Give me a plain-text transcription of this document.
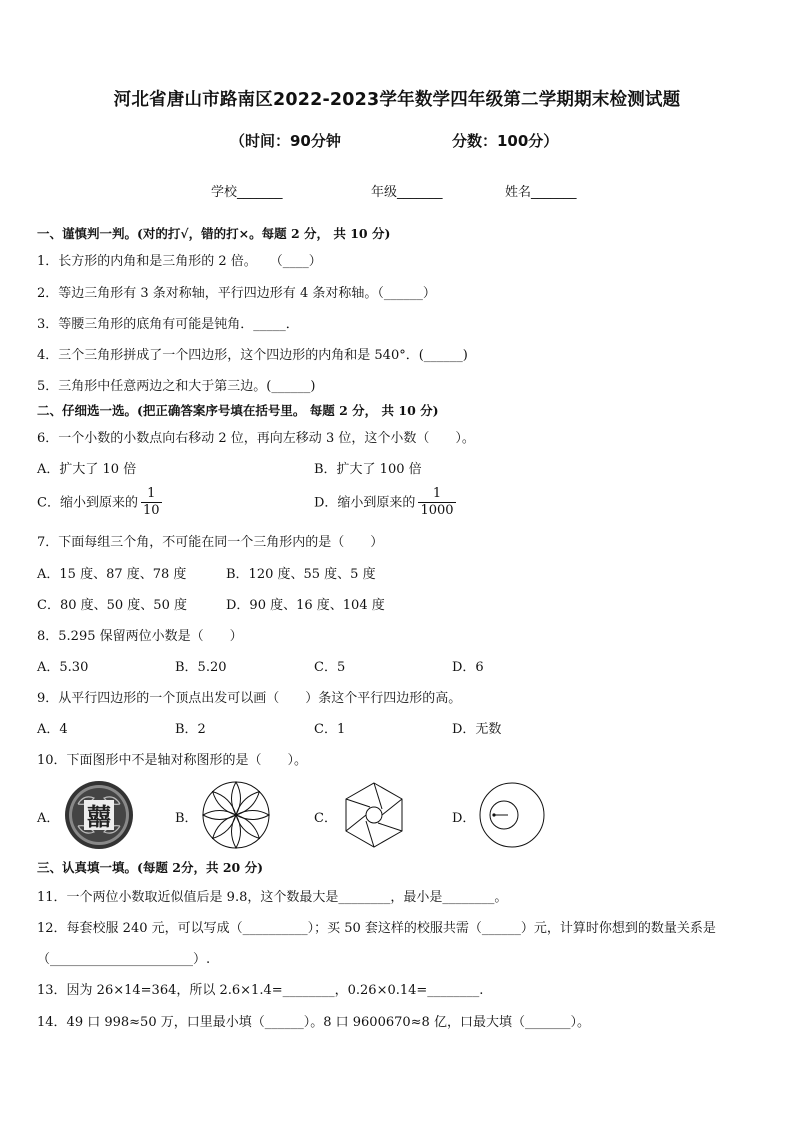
河北省唐山市路南区2022-2023学年数学四年级第二学期期末检测试题
（时间：90分钟	分数：100分）
学校_______	年级_______	姓名_______
一、谨慎判一判。(对的打√，错的打×。每题 2 分， 共 10 分)
1．长方形的内角和是三角形的 2 倍。　　（____）
2．等边三角形有 3 条对称轴，平行四边形有 4 条对称轴。（______）
3．等腰三角形的底角有可能是钝角．_____．
4．三个三角形拼成了一个四边形，这个四边形的内角和是 540°．(______)
5．三角形中任意两边之和大于第三边。(______)
二、仔细选一选。(把正确答案序号填在括号里。 每题 2 分， 共 10 分)
6．一个小数的小数点向右移动 2 位，再向左移动 3 位，这个小数（　　）。
A．扩大了 10 倍	B．扩大了 100 倍
C．缩小到原来的 $\frac{1}{10}$	D．缩小到原来的 $\frac{1}{1000}$
7．下面每组三个角，不可能在同一个三角形内的是（　　）
A．15 度、87 度、78 度	B．120 度、55 度、5 度
C．80 度、50 度、50 度	D．90 度、16 度、104 度
8．5.295 保留两位小数是（　　）
A．5.30	B．5.20	C．5	D．6
9．从平行四边形的一个顶点出发可以画（　　）条这个平行四边形的高。
A．4	B．2	C．1	D．无数
10．下面图形中不是轴对称图形的是（　　）。
A． 囍	B．	C．	D．
三、认真填一填。(每题 2分，共 20 分)
11．一个两位小数取近似值后是 9.8，这个数最大是________，最小是________。
12．每套校服 240 元，可以写成（__________）；买 50 套这样的校服共需（______）元，计算时你想到的数量关系是
（______________________）.
13．因为 26×14=364，所以 2.6×1.4=________，0.26×0.14=________.
14．49 口 998≈50 万，口里最小填（______）。8 口 9600670≈8 亿，口最大填（_______）。
